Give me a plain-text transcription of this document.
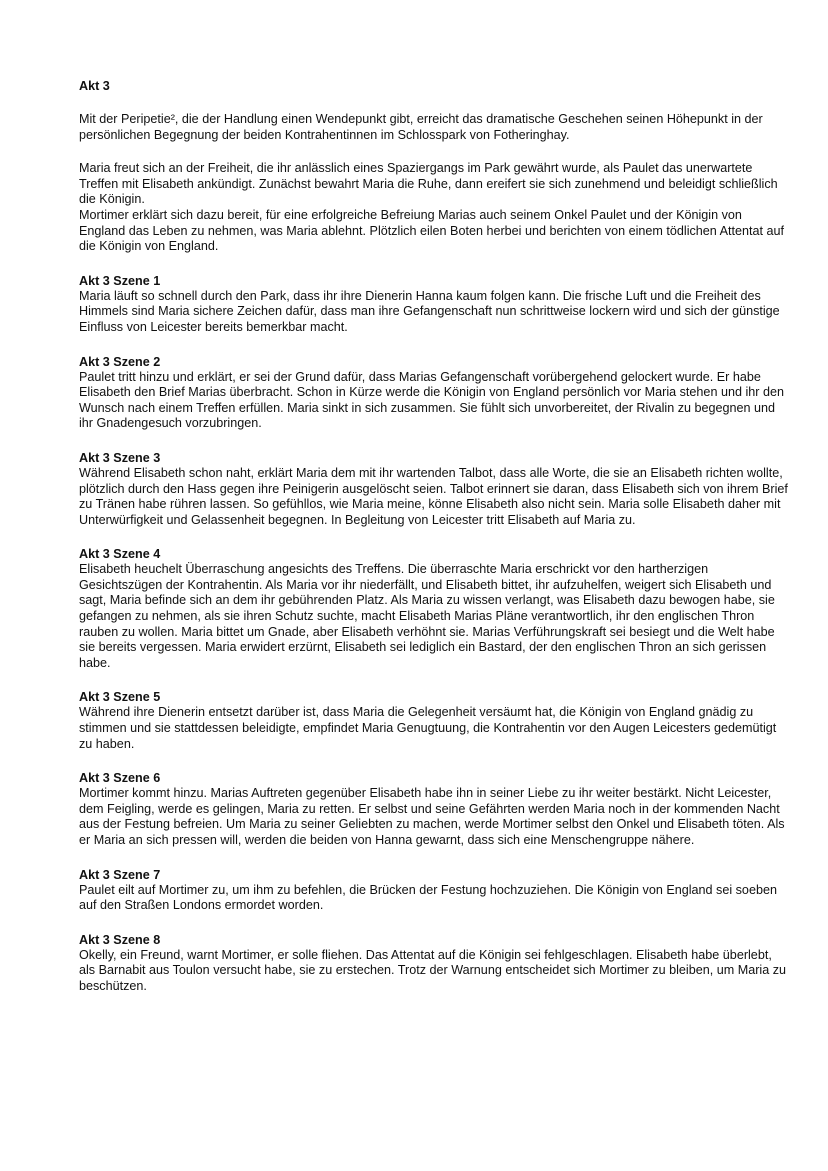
Akt 3

Mit der Peripetie², die der Handlung einen Wendepunkt gibt, erreicht das dramatische Geschehen seinen Höhepunkt in der persönlichen Begegnung der beiden Kontrahentinnen im Schlosspark von Fotheringhay.

Maria freut sich an der Freiheit, die ihr anlässlich eines Spaziergangs im Park gewährt wurde, als Paulet das unerwartete Treffen mit Elisabeth ankündigt. Zunächst bewahrt Maria die Ruhe, dann ereifert sie sich zunehmend und beleidigt schließlich die Königin.

Mortimer erklärt sich dazu bereit, für eine erfolgreiche Befreiung Marias auch seinem Onkel Paulet und der Königin von England das Leben zu nehmen, was Maria ablehnt. Plötzlich eilen Boten herbei und berichten von einem tödlichen Attentat auf die Königin von England.

Akt 3 Szene 1

Maria läuft so schnell durch den Park, dass ihr ihre Dienerin Hanna kaum folgen kann. Die frische Luft und die Freiheit des Himmels sind Maria sichere Zeichen dafür, dass man ihre Gefangenschaft nun schrittweise lockern wird und sich der günstige Einfluss von Leicester bereits bemerkbar macht.

Akt 3 Szene 2

Paulet tritt hinzu und erklärt, er sei der Grund dafür, dass Marias Gefangenschaft vorübergehend gelockert wurde. Er habe Elisabeth den Brief Marias überbracht. Schon in Kürze werde die Königin von England persönlich vor Maria stehen und ihr den Wunsch nach einem Treffen erfüllen. Maria sinkt in sich zusammen. Sie fühlt sich unvorbereitet, der Rivalin zu begegnen und ihr Gnadengesuch vorzubringen.

Akt 3 Szene 3

Während Elisabeth schon naht, erklärt Maria dem mit ihr wartenden Talbot, dass alle Worte, die sie an Elisabeth richten wollte, plötzlich durch den Hass gegen ihre Peinigerin ausgelöscht seien. Talbot erinnert sie daran, dass Elisabeth sich von ihrem Brief zu Tränen habe rühren lassen. So gefühllos, wie Maria meine, könne Elisabeth also nicht sein. Maria solle Elisabeth daher mit Unterwürfigkeit und Gelassenheit begegnen. In Begleitung von Leicester tritt Elisabeth auf Maria zu.

Akt 3 Szene 4

Elisabeth heuchelt Überraschung angesichts des Treffens. Die überraschte Maria erschrickt vor den hartherzigen Gesichtszügen der Kontrahentin. Als Maria vor ihr niederfällt, und Elisabeth bittet, ihr aufzuhelfen, weigert sich Elisabeth und sagt, Maria befinde sich an dem ihr gebührenden Platz. Als Maria zu wissen verlangt, was Elisabeth dazu bewogen habe, sie gefangen zu nehmen, als sie ihren Schutz suchte, macht Elisabeth Marias Pläne verantwortlich, ihr den englischen Thron rauben zu wollen. Maria bittet um Gnade, aber Elisabeth verhöhnt sie. Marias Verführungskraft sei besiegt und die Welt habe sie bereits vergessen. Maria erwidert erzürnt, Elisabeth sei lediglich ein Bastard, der den englischen Thron an sich gerissen habe.

Akt 3 Szene 5

Während ihre Dienerin entsetzt darüber ist, dass Maria die Gelegenheit versäumt hat, die Königin von England gnädig zu stimmen und sie stattdessen beleidigte, empfindet Maria Genugtuung, die Kontrahentin vor den Augen Leicesters gedemütigt zu haben.

Akt 3 Szene 6

Mortimer kommt hinzu. Marias Auftreten gegenüber Elisabeth habe ihn in seiner Liebe zu ihr weiter bestärkt. Nicht Leicester, dem Feigling, werde es gelingen, Maria zu retten. Er selbst und seine Gefährten werden Maria noch in der kommenden Nacht aus der Festung befreien. Um Maria zu seiner Geliebten zu machen, werde Mortimer selbst den Onkel und Elisabeth töten. Als er Maria an sich pressen will, werden die beiden von Hanna gewarnt, dass sich eine Menschengruppe nähere.

Akt 3 Szene 7

Paulet eilt auf Mortimer zu, um ihm zu befehlen, die Brücken der Festung hochzuziehen. Die Königin von England sei soeben auf den Straßen Londons ermordet worden.

Akt 3 Szene 8

Okelly, ein Freund, warnt Mortimer, er solle fliehen. Das Attentat auf die Königin sei fehlgeschlagen. Elisabeth habe überlebt, als Barnabit aus Toulon versucht habe, sie zu erstechen. Trotz der Warnung entscheidet sich Mortimer zu bleiben, um Maria zu beschützen.
